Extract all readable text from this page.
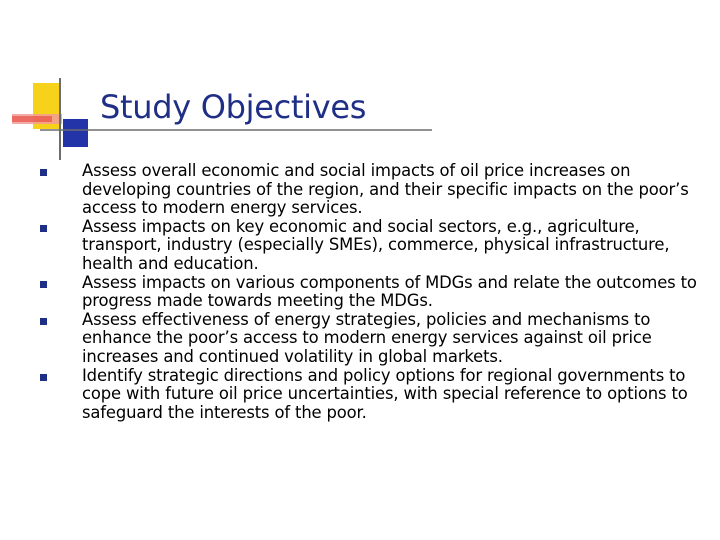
Study Objectives
Assess overall economic and social impacts of oil price increases on developing countries of the region, and their specific impacts on the poor’s access to modern energy services.
Assess impacts on key economic and social sectors, e.g., agriculture, transport, industry (especially SMEs), commerce, physical infrastructure, health and education.
Assess impacts on various components of MDGs and relate the outcomes to progress made towards meeting the MDGs.
Assess effectiveness of energy strategies, policies and mechanisms to enhance the poor’s access to modern energy services against oil price increases and continued volatility in global markets.
Identify strategic directions and policy options for regional governments to cope with future oil price uncertainties, with special reference to options to safeguard the interests of the poor.
